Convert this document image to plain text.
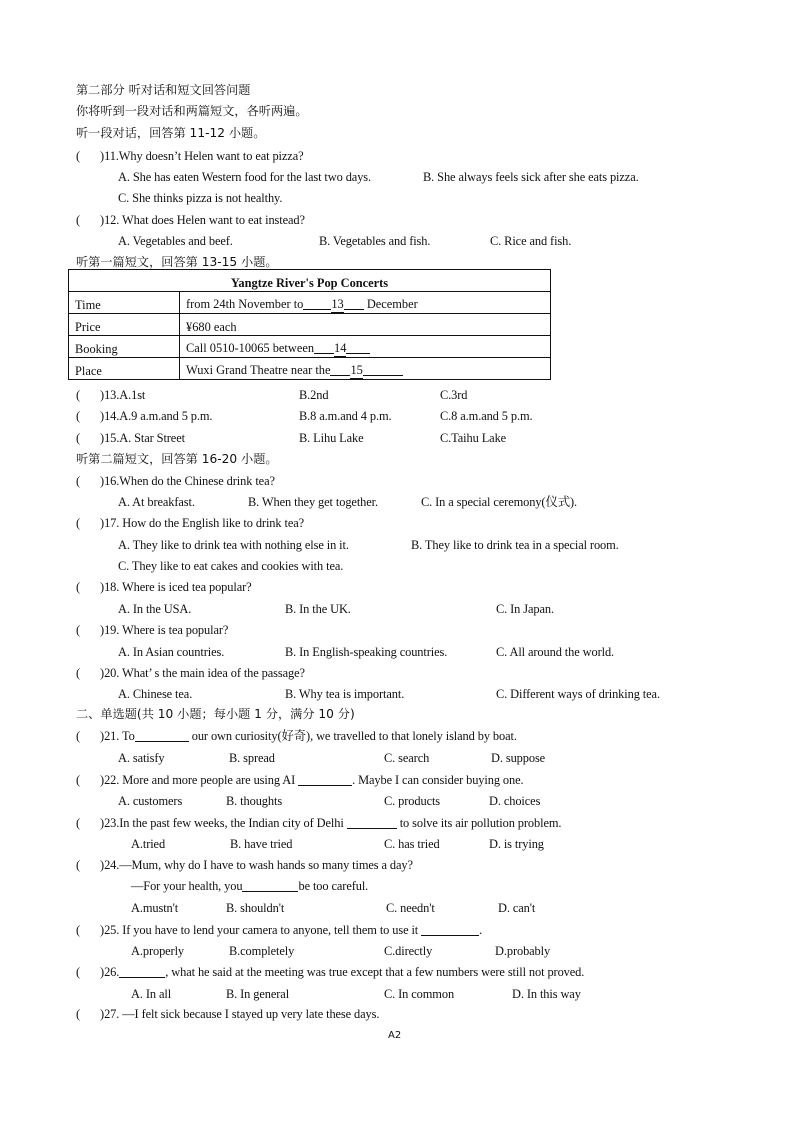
第二部分 听对话和短文回答问题
你将听到一段对话和两篇短文，各听两遍。
听一段对话，回答第 11-12 小题。
( )11.Why doesn’t Helen want to eat pizza?
A. She has eaten Western food for the last two days.	B. She always feels sick after she eats pizza.
C. She thinks pizza is not healthy.
( )12. What does Helen want to eat instead?
A. Vegetables and beef.	B. Vegetables and fish.	C. Rice and fish.
听第一篇短文，回答第 13-15 小题。
Yangtze River's Pop Concerts	
Time	from 24th November to 13 December
Price	¥680 each
Booking	Call 0510-10065 between 14
Place	Wuxi Grand Theatre near the 15
( )13.A.1st	B.2nd	C.3rd
( )14.A.9 a.m.and 5 p.m.	B.8 a.m.and 4 p.m.	C.8 a.m.and 5 p.m.
( )15.A. Star Street	B. Lihu Lake	C.Taihu Lake
听第二篇短文，回答第 16-20 小题。
( )16.When do the Chinese drink tea?
A. At breakfast.	B. When they get together.	C. In a special ceremony(仪式).
( )17. How do the English like to drink tea?
A. They like to drink tea with nothing else in it.	B. They like to drink tea in a special room.
C. They like to eat cakes and cookies with tea.
( )18. Where is iced tea popular?
A. In the USA.	B. In the UK.	C. In Japan.
( )19. Where is tea popular?
A. In Asian countries.	B. In English-speaking countries.	C. All around the world.
( )20. What’ s the main idea of the passage?
A. Chinese tea.	B. Why tea is important.	C. Different ways of drinking tea.
二、单选题(共 10 小题；每小题 1 分，满分 10 分)
( )21. To	our own curiosity(好奇), we travelled to that lonely island by boat.
A. satisfy	B. spread	C. search	D. suppose
( )22. More and more people are using AI	. Maybe I can consider buying one.
A. customers	B. thoughts	C. products	D. choices
( )23.In the past few weeks, the Indian city of Delhi	to solve its air pollution problem.
A.tried	B. have tried	C. has tried	D. is trying
( )24.—Mum, why do I have to wash hands so many times a day?
—For your health, you	be too careful.
A.mustn't	B. shouldn't	C. needn't	D. can't
( )25. If you have to lend your camera to anyone, tell them to use it	.
A.properly	B.completely	C.directly	D.probably
( )26.	, what he said at the meeting was true except that a few numbers were still not proved.
A. In all	B. In general	C. In common	D. In this way
( )27. —I felt sick because I stayed up very late these days.
A2
